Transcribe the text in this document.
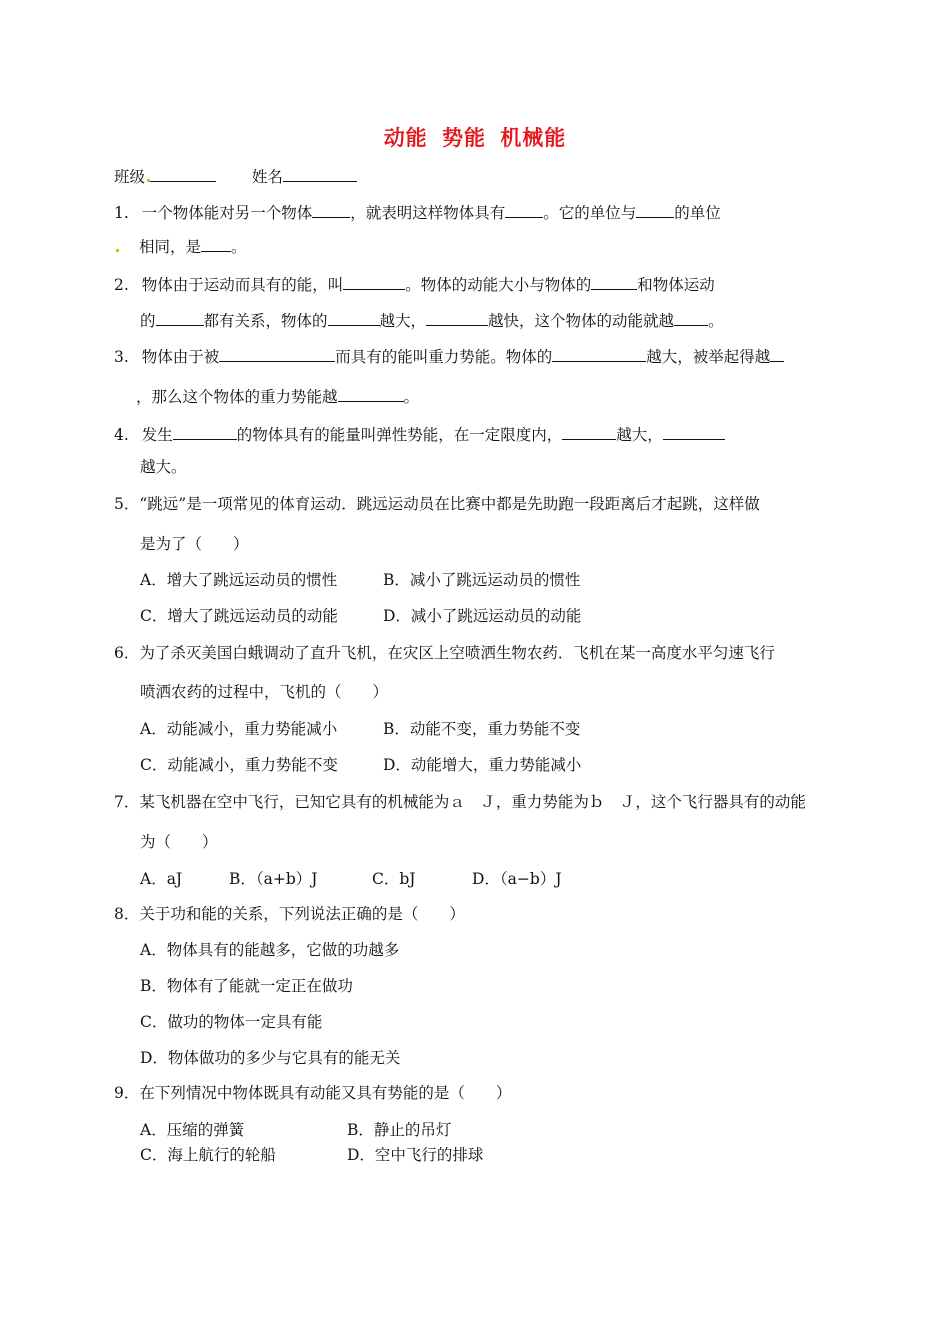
动能 势能 机械能
班级	姓名
1. 一个物体能对另一个物体 ，就表明这样物体具有 。它的单位与 的单位
相同，是 。
2. 物体由于运动而具有的能，叫	。物体的动能大小与物体的	和物体运动
的	都有关系，物体的	越大，	越快，这个物体的动能就越 。
3. 物体由于被	而具有的能叫重力势能。物体的	越大，被举起得越
，那么这个物体的重力势能越	。
4. 发生	的物体具有的能量叫弹性势能，在一定限度内，	越大，
越大。
5．“跳远”是一项常见的体育运动．跳远运动员在比赛中都是先助跑一段距离后才起跳，这样做
是为了（　　）
A．增大了跳远运动员的惯性	B．减小了跳远运动员的惯性
C．增大了跳远运动员的动能	D．减小了跳远运动员的动能
6．为了杀灭美国白蛾调动了直升飞机，在灾区上空喷洒生物农药．飞机在某一高度水平匀速飞行
喷洒农药的过程中，飞机的（　　）
A．动能减小，重力势能减小	B．动能不变，重力势能不变
C．动能减小，重力势能不变	D．动能增大，重力势能减小
7．某飞机器在空中飞行，已知它具有的机械能为ａ　Ｊ，重力势能为ｂ　Ｊ，这个飞行器具有的动能
为（　　）
A．aJ	B．（a+b）J	C．bJ	D．（a−b）J
8．关于功和能的关系，下列说法正确的是（　　）
A．物体具有的能越多，它做的功越多
B．物体有了能就一定正在做功
C．做功的物体一定具有能
D．物体做功的多少与它具有的能无关
9．在下列情况中物体既具有动能又具有势能的是（　　）
A．压缩的弹簧	B．静止的吊灯
C．海上航行的轮船	D．空中飞行的排球
